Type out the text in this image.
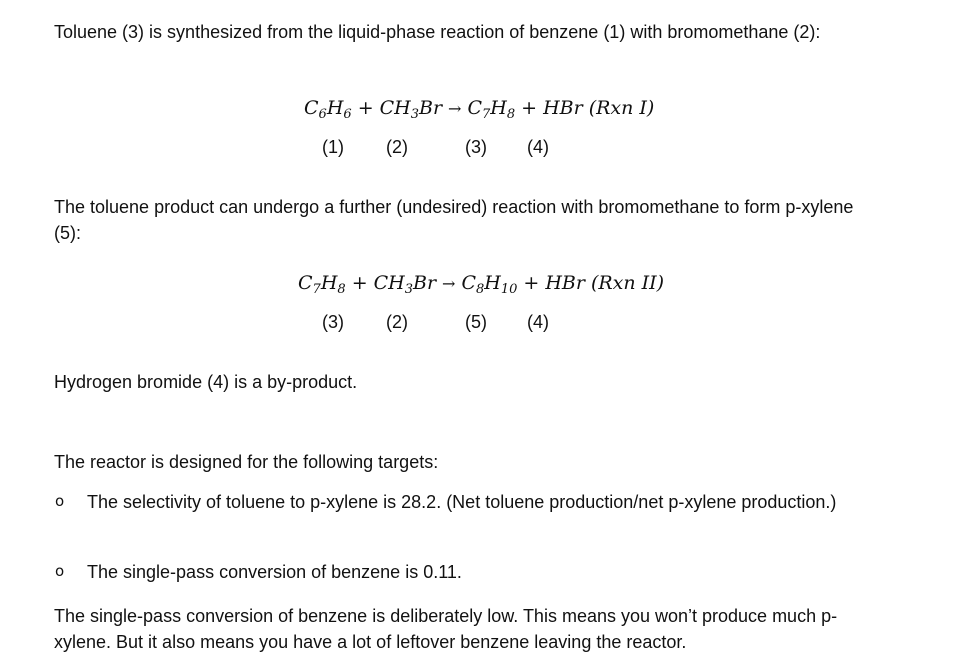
Toluene (3) is synthesized from the liquid-phase reaction of benzene (1) with bromomethane (2):

$C_6H_6 + CH_3Br \to C_7H_8$ + HBr (Rxn I)
(1) (2)	(3) (4)

The toluene product can undergo a further (undesired) reaction with bromomethane to form p-xylene (5):

$C_7H_8 + CH_3Br \to C_8H_{10}$ + HBr (Rxn II)
(3) (2)	(5) (4)

Hydrogen bromide (4) is a by-product.

The reactor is designed for the following targets:

o The selectivity of toluene to p-xylene is 28.2. (Net toluene production/net p-xylene production.)
o The single-pass conversion of benzene is 0.11.

The single-pass conversion of benzene is deliberately low. This means you won’t produce much p-xylene. But it also means you have a lot of leftover benzene leaving the reactor.
